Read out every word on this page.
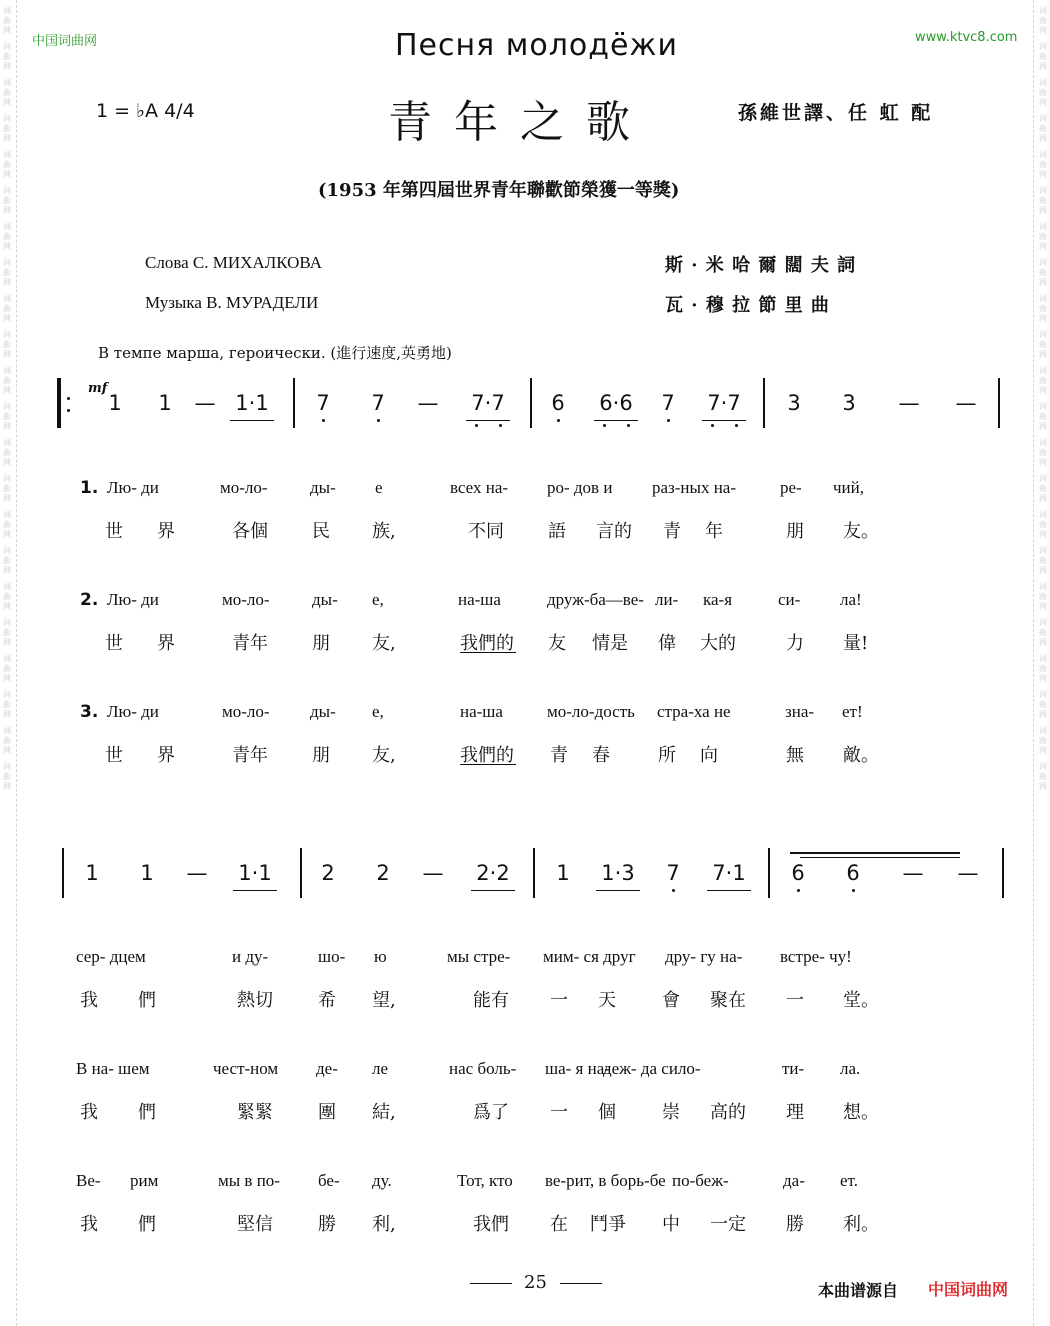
词
曲
网
词
曲
网
词
曲
网
词
曲
网
词
曲
网
词
曲
网
词
曲
网
词
曲
网
词
曲
网
词
曲
网
词
曲
网
词
曲
网
词
曲
网
词
曲
网
词
曲
网
词
曲
网
词
曲
网
词
曲
网
词
曲
网
词
曲
网
词
曲
网
词
曲
网
词
曲
网
词
曲
网
词
曲
网
词
曲
网
词
曲
网
词
曲
网
词
曲
网
词
曲
网
词
曲
网
词
曲
网
词
曲
网
词
曲
网
词
曲
网
词
曲
网
词
曲
网
词
曲
网
词
曲
网
词
曲
网
词
曲
网
词
曲
网
词
曲
网
词
曲
网
中国词曲网	www.ktvc8.com
Песня молодёжи
青年之歌
1 = ♭A 4/4	孫維世譯、任 虹 配
(1953 年第四屆世界青年聯歡節榮獲一等獎)
Слова С. МИХАЛКОВА
Музыка В. МУРАДЕЛИ
斯 · 米 哈 爾 闊 夫 詞
瓦 · 穆 拉 節 里 曲
В темпе марша, героически. (進行速度,英勇地)
1	1	— 1·1	7	7	—	7·7	6	6·6	7	7·7	3	3	— —
mf
1. Лю- ди	мо-ло- ды- е	всех на- ро- дов и раз-ных на-	ре- чий,
世 界	各個 民 族,	不同 語 言的 青 年	朋 友。
2. Лю- ди	мо-ло- ды- е,	на-ша	друж-ба—ве- ли- ка-я	си- ла!
世 界	青年 朋 友,	我們的 友 情是 偉 大的	力 量!
3. Лю- ди	мо-ло- ды- е,	на-ша	мо-ло-дость стра-ха не	зна- ет!
世 界	青年 朋 友,	我們的 青 春	所 向	無 敵。
1	1	—	1·1	2	2	—	2·2	1	1·3	7	7·1	6	6	— —
сер- дцем	и ду-	шо- ю	мы стре- мим- ся друг дру- гу на- встре- чу!
我 們	熱切	希 望,	能有 一 天	會 聚在 一 堂。
В на- шем	чест-ном де- ле	нас боль- ша- я на-
деж- да сило-	ти- ла.
我 們	緊緊	團 結,	爲了 一 個	崇 高的 理 想。
Ве- рим	мы в по- бе- ду.	Тот, кто ве-рит, в борь-бе по-беж-	да- ет.
我 們	堅信	勝 利,	我們 在 鬥爭 中 一定 勝 利。
25	本曲谱源自 中国词曲网
